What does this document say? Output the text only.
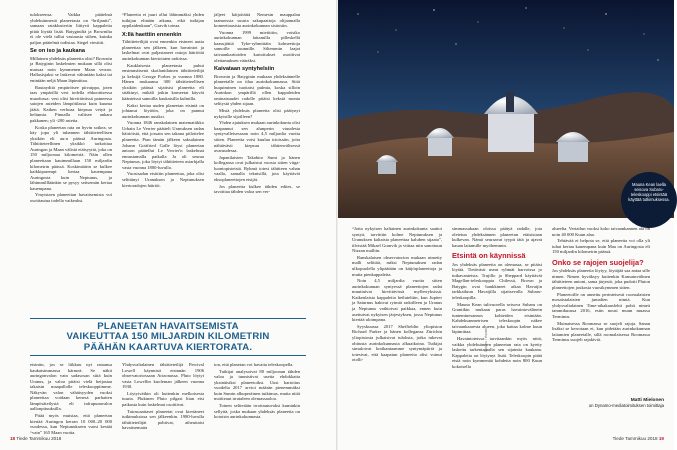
tulokseensa. Vaikka päätelmä yhdeksännestä planeetasta on “briljantti”, samaan rataklusteriin liittyvä kappaleita pitää löytää lisää. Batyginiltä ja Brownilta ei ole vielä tullut vastausta siihen, kuinka paljon päätelmä todistaa. Siegel viestitti.

Se on iso ja kaukana

Millainen yhdeksäs planeetta olisi? Brownin ja Batyginin laskelmien mukaan sillä olisi massaa noin kymmenen Maan verran. Hallasisjaksi se laskevat vähintään kaksi tai enintään neljä Maan läpimittaa.

Rautayditä ympäröisee piivaippa, joten taas ympärillä vesi todella ehkoottisessa muodossa: vesi olisi hirvittävässä paineessa satojen asteiden lämpötilassa kuin kuuma jäätä. Kaiken verhoaa kiepsua vetyä ja heliumia. Pinnalla valitsee ankara pakkanen; yli -200 astetta.

Koska planeetan rata on hyvin soikea, se käy jopa yli tuhannen tähtitieteellisen yksikön eli au:n päässä Auringosta. Tähtitieteellinen yksikkö tarkoittaa Auringon ja Maan välistä etäisyyttä, joka on 150 miljoonaa kilometriä. Näin ollen planeettaan kauimmillaan 150 miljardin kilometrin päässä. Koskimäärin se kulkee kaikkiparempi kertaa kauempana Auringosta kuin Neptunus, ja lähimmillläänkin se pysyy seitsemän kertaa kauempana.

Ymyistaen planeettan havaitsemista voi osoittautua todella vaikeaksi.

“Planeetta ei juuri ollut lähimmäksi yhden tutkijan elinään aikana, eikä tutkijan oppilaidenkaan”, Gravik toteaa.

X:llä haettiin ennenkin

Tähtitieteilijät ovat ennenkin etsineet uutta planeettaa sen jälkeen, kun havaintot ja laskelmat ovat paljastaneet outoja häiriöitä aurinkokunnan kiertoiaten radoissa.

Kauklaisesta planeetasta puhui ensimmäisenä skotlantilainen tähtitieteilijä ja keksijä George Forbes jo vuonna 1880. Hänen mukaansa 300 tähtitieteellisen yksikön päässä sijaitsisi planeetta eli sitäkinyt, mikäli jotkin komeetat käyvät käänteissä samoilla kaukaisilla kulmilla.

Kaksi kertaa uuden planeetan etsintä on johtanut löytöön, joka on pannut aurinkokunnan uusiksi.

Vuonna 1846 ranskalainen matematiikko Urbain Le Verrier päätteli Uranuksen radan häiriöistä, että jossain sen takana piilottelee planeetta. Pian tämän jälkeen saksalainen Johann Gottfried Galle löysi planeetan antoon päätellut Le Verrier'n laskelmat ennustamalla paikalla Ja oli seuraa Neptunus, joka löytyi tähtitieteen asiarhjalla vasta vuonna 1800-luvulla.

Vuosisadan etsittiin planeettaa, joka olisi selittänyt Uranuksen ja Neptunuksen kiertoradojen häiriöt.

jäljeet käijoitäitä Nemesin mauppalan taamoissia suuria sakupaattoja olijaamalla komeettaasista aurinkokunnan sisäosiin.

Vuonna 1999 mietittiin, voisiko aurinkokunnan laitamilla pilleskellä kaasujättiä Tyke-ryhmittäin kolmeettoja samoille suunnille. Siltemmin laajat taivaankarttoiden kartoitukset osoittivat olettamuksen vääräksi.

Kaivataan syntyhelsiin

Brownin ja Batyginin mukaan yhdeksännelle planeetalle on tilaa aurinkokunnassa. Siitä huquiminen tuottaisi pulmia, koska silloin Aurinkon ympärillä ollen kappaleiden ominaisuudet radolle pitäisi keksiä monta selitystä yhden sijaan.

Mistä yhdeksäs planeetta olisi päätynyt nykyisille sijoilleen?

Yhden ajatuksen mukaan aurinkokunta olisi kaapannut sen alunperin viuudesta syntyvalleisessaan noin 4,5 miljardia vuotta sitten. Planeetta voisi kuulua irtoisaiin, joita nähtävästi kiepsuu tähtienvälisessä avaruudessa.

Japanilaisten Takabiro Sumi ja hänen kollegansa ovat julkaistut vuosia sitten viiga-luontopisteistä. Ryhmä totesi tähtiteen vahan vaalla, samalla teknisillä, jota käyttävät eksoplaneettojen etsijät.

Jos planeetta kulkee tähden edites, se tavoittaa tähden valoa sen ver-

PLANEETAN HAVAITSEMISTA
VAIKEUTTAA 150 MILJARDIN KILOMETRIN
PÄÄHÄN KAARTUVA KIERTORATA.

etsiniin, jos se liikkuu nyt rataansa kaukaisimmassa kärmeä. Se näkii auringonvalon vain sadasosan siitä kuin Uranus, ja valoa pitäisi vielä heijastaa takaisin maapallolle teleskooppiimme. Näkyvän valon vähäisyyden vuoksi planeettaa voidaan kenesä parhaiten lämpösäteilystä eli infrapunavalon aallonpituuksilla.

Pitää myös muistaa, että planeetan kiertää Auringon kerran 10 000–20 000 vuodessa, kun Neptunukseen vuosi kestää “vain” 165 Maan vuotta.

Yhdysvaltalainen tähtitieteilijä Percival Lowell käynnisti etsinnän 1906 observatoriossaan Arizonassa. Pluto löytyi vasta Lowellin kuoleman jälkeen vuonna 1930.

Löytyivätkin oli kuitenkin melkoisesta tuuria. Plukinen Pluto pilgasi liian etsi paikasta kuin laskelmat osoittivat.

Tutosuaattaset planeetat ovat kiertäneet tutkimuksissa sen jälkeenkin. 1980-luvulla tähtitieteilijät pohtivat, aiheuttaisi havaitsematta

ton, että planetan voi havaita teleskoopella.

Tutkijat analysoivat 80 miljoonan tähden valoa ja tunnistivat useita ehdokkaita yksinäisiksi planeetoiksi. Uusi kartoitus vuodelta 2017 arvioi määrän pienemmäksi kuin Sumin alkuperäinen tutkimus, mutta niitä moitteaut irrataleen olemassaoloa.

Toinen selitetään irrottautuvaksi kuminkin sellyttä, joska mukaan yhdeksäs planeetta on kotoisin aurinkokunnasta.

18 Tiede Tammikuu 2018
Mauna Kean laella seisova Subaru-teleskooppi etsintää käyttää tutkimuksessa.
Subaru / Hawaii

“Jotta nykyisen kaltainen aurinkokunta saattoi syntyä, tarvittiin kolme Neptunuksen ja Uranuksen kaltaista planeettaa kaluben sijaata”, tilvistää Mikael Granvik ja viittaa niin sanottuun Nizzan malliin.

Ranskalaisen observatorion mukaan nimetty malli selittää, miksi Neptunuksen radan ulkopuolella ylipäätään on käijörplaneettoja ja muita pienkappaleita.

Noin 4,5 miljardia vuotta sitten aurinkokunnan syntyessä planeettojen radat muuttuivat hirvittävissä myllerryksissä. Kaikenlaisia kappaleita heiluteltiin, kun Jupiter ja Saturnus hakivat rytmiä radoilleen ja Uranus ja Neptunus vaihtoivat paikkaa, ennen kuin asettuivat nykyisen järjestyksen, jossa Neptunus kiertää uloimpana.

Syyskuussa 2017 Sheffieldin yliopiston Richard Parker ja hänen kollegansa Zürichin yliopistosta julkaisivat tuloksia, jotka tukevat ohitusta aurinkokunnasta alkuaikoina. Tutkijat simuloivat kotikantaamme syntymäpiiriä ja totesivat, että kaapatun planeetta olisi voinut otolli-

simmassakaan oloissa päätyä radalle, jota oletetun yhdeksännen planeetan etäisistaan kulkevan. Nämä seuraavat tyypit tätä ja ajavat kauan laitamille myöhemmin.

Etsintä on käynnissä

Jos yhdeksäs planeetta on olemassa, se pitäisi löytää. Tietävästi useat ryhmät harvoissa jo tutkavanteista. Trujillo ja Sheppard käyttävät Magellan-teleskooppia Chilessä, Brown ja Batygin ovat hankkineet aikaa Havaijin tarkkailuun Havaijilla sijaitsevalla Subaru-teleskoopilla.

Mauna Kean tulivuorella seisova Subaru on Grantikin mukaan paras havaintovälinein tunteminesannos kohteiden etsintään. Kahdeksanmetrisen teleskoopin näkee taivaankaaresta alueen, joka kattaa kolme kuun läpimittaa.

Havaintoteissa tarvitaankin myös niitä, vaikka yhdeksännen planeetan rata on kyetty laskettu tarkentamalla sen sijaintia kaukana. Kappaleita on löytynyt lisää. Teleskoopin pitää etsiä noin kymmenää kohdetta noin 800 Kuun kokoisella

alueelta. Vertailun vuoksi koko taivaankannen ala on noin 40 000 Kuun alaa.

Tehtävää ei helpota se, että planeetta voi olla yli tuhat kertaa kauempana kuin Maa on Auringosta eli 150 miljardin kilometrin päässä.

Onko se rajojen suojelija?

Jos yhdeksäs planeetta löytyy, löytäjää saa antaa sille nimen. Nimen hyväksyy kuitenkin Kansainvälinen tähtitieteen unioni, sama järjestö, joka pudotti Pluton planeettojen joukosta vuosikymmen sitten.

Planeetoille on annettu perinteisesti roomalaisten mosaistalaisten jumalien nimiä. Kun yhdysvaltalainen Time-aikakauslehti pohti nimeä tammikuussa 2016, esiin nousi muun muassa Terminus.

Muinaisessa Roomassa se suojeli rajoja. Sanan lisäksi se kerrotaan ei, kun pidetään aurinkokunnan laitamien planeetalle, sillä roomalaisessa Roomassa Terminus suojeli rajakiviä.

Matti Mielonen
on Dynamo-mediatoimituksen toimittaja
Tiede Tammikuu 2018 19
